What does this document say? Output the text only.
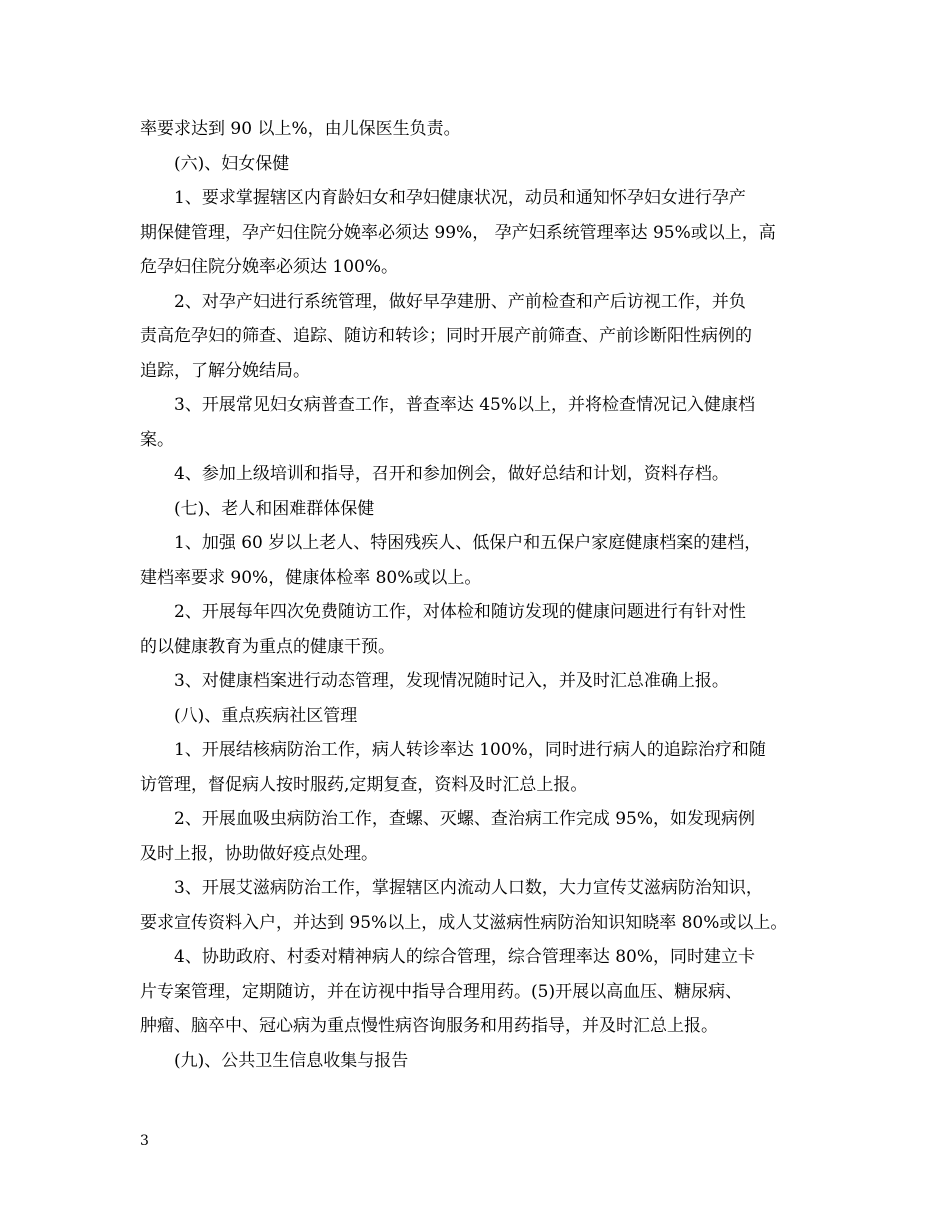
率要求达到 90 以上%，由儿保医生负责。
(六)、妇女保健
1、要求掌握辖区内育龄妇女和孕妇健康状况，动员和通知怀孕妇女进行孕产
期保健管理，孕产妇住院分娩率必须达 99%， 孕产妇系统管理率达 95%或以上，高
危孕妇住院分娩率必须达 100%。
2、对孕产妇进行系统管理，做好早孕建册、产前检查和产后访视工作，并负
责高危孕妇的筛查、追踪、随访和转诊；同时开展产前筛查、产前诊断阳性病例的
追踪，了解分娩结局。
3、开展常见妇女病普查工作，普查率达 45%以上，并将检查情况记入健康档
案。
4、参加上级培训和指导，召开和参加例会，做好总结和计划，资料存档。
(七)、老人和困难群体保健
1、加强 60 岁以上老人、特困残疾人、低保户和五保户家庭健康档案的建档，
建档率要求 90%，健康体检率 80%或以上。
2、开展每年四次免费随访工作，对体检和随访发现的健康问题进行有针对性
的以健康教育为重点的健康干预。
3、对健康档案进行动态管理，发现情况随时记入，并及时汇总准确上报。
(八)、重点疾病社区管理
1、开展结核病防治工作，病人转诊率达 100%，同时进行病人的追踪治疗和随
访管理，督促病人按时服药,定期复查，资料及时汇总上报。
2、开展血吸虫病防治工作，查螺、灭螺、查治病工作完成 95%，如发现病例
及时上报，协助做好疫点处理。
3、开展艾滋病防治工作，掌握辖区内流动人口数，大力宣传艾滋病防治知识，
要求宣传资料入户，并达到 95%以上，成人艾滋病性病防治知识知晓率 80%或以上。
4、协助政府、村委对精神病人的综合管理，综合管理率达 80%，同时建立卡
片专案管理，定期随访，并在访视中指导合理用药。(5)开展以高血压、糖尿病、
肿瘤、脑卒中、冠心病为重点慢性病咨询服务和用药指导，并及时汇总上报。
(九)、公共卫生信息收集与报告
3
